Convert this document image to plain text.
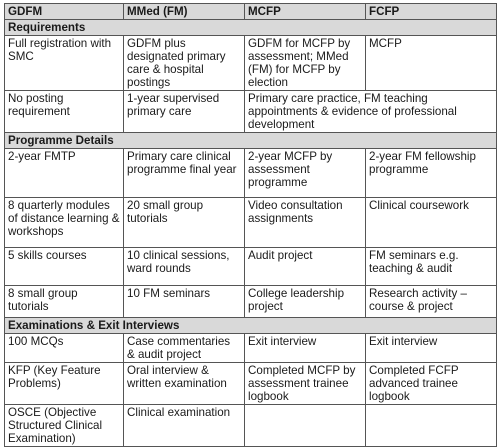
GDFM	MMed (FM)	MCFP	FCFP
Requirements			
Full registration with SMC	GDFM plus designated primary care & hospital postings	GDFM for MCFP by assessment; MMed (FM) for MCFP by election	MCFP
No posting requirement	1-year supervised primary care	Primary care practice, FM teaching appointments & evidence of professional development	
Programme Details			
2-year FMTP	Primary care clinical programme final year	2-year MCFP by assessment programme	2-year FM fellowship programme
8 quarterly modules of distance learning & workshops	20 small group tutorials	Video consultation assignments	Clinical coursework
5 skills courses	10 clinical sessions, ward rounds	Audit project	FM seminars e.g. teaching & audit
8 small group tutorials	10 FM seminars	College leadership project	Research activity – course & project
Examinations & Exit Interviews			
100 MCQs	Case commentaries & audit project	Exit interview	Exit interview
KFP (Key Feature Problems)	Oral interview & written examination	Completed MCFP by assessment trainee logbook	Completed FCFP advanced trainee logbook
OSCE (Objective Structured Clinical Examination)	Clinical examination		
